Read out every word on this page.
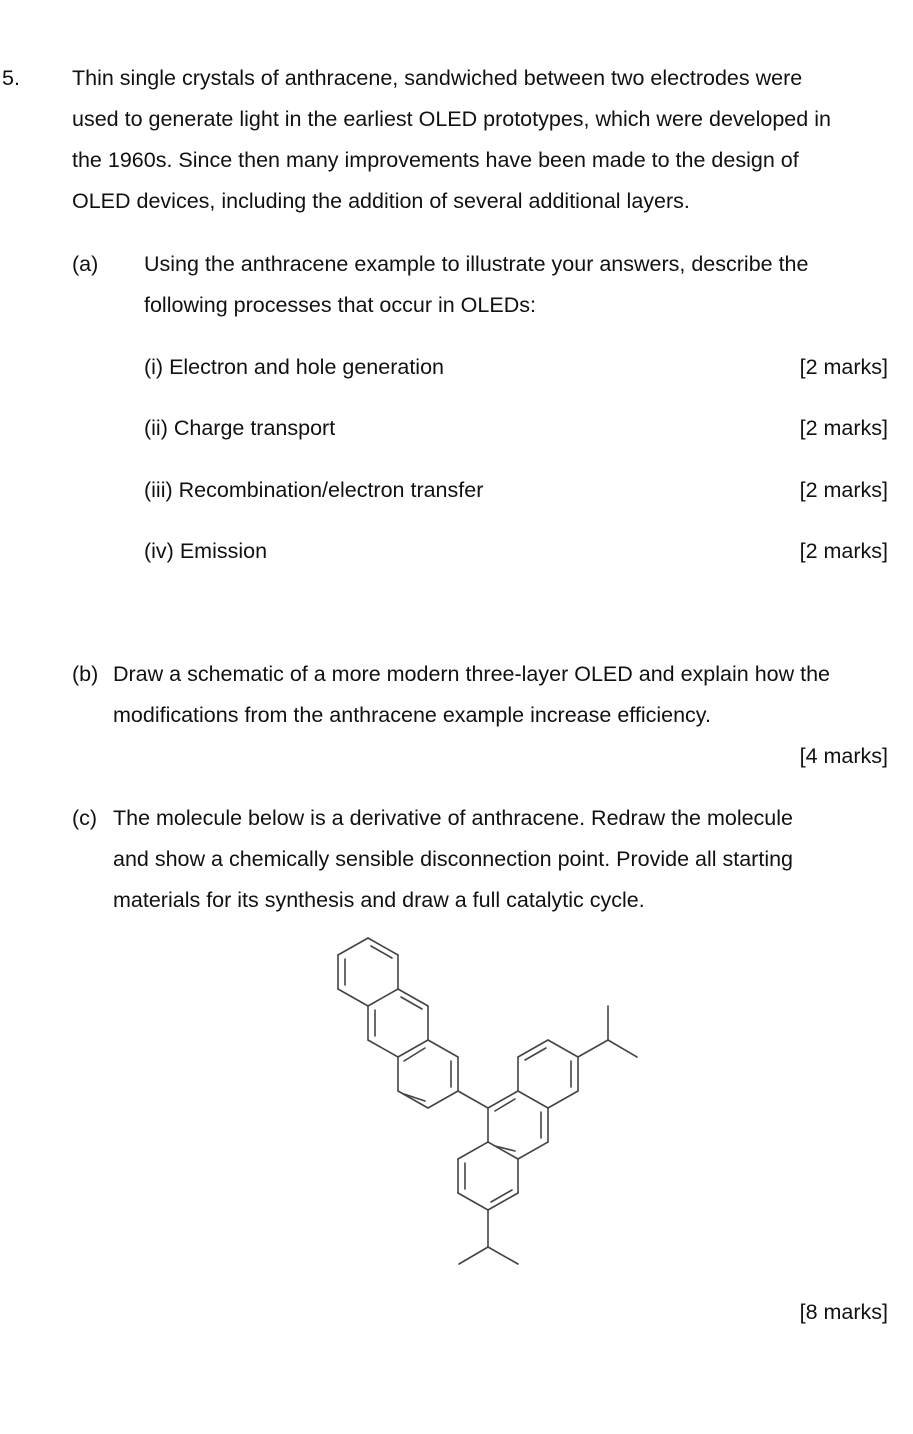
5. Thin single crystals of anthracene, sandwiched between two electrodes were
used to generate light in the earliest OLED prototypes, which were developed in
the 1960s. Since then many improvements have been made to the design of
OLED devices, including the addition of several additional layers.
(a) Using the anthracene example to illustrate your answers, describe the
following processes that occur in OLEDs:
(i) Electron and hole generation	[2 marks]
(ii) Charge transport	[2 marks]
(iii) Recombination/electron transfer	[2 marks]
(iv) Emission	[2 marks]
(b) Draw a schematic of a more modern three-layer OLED and explain how the
modifications from the anthracene example increase efficiency.
[4 marks]
(c) The molecule below is a derivative of anthracene. Redraw the molecule
and show a chemically sensible disconnection point. Provide all starting
materials for its synthesis and draw a full catalytic cycle.
[8 marks]
